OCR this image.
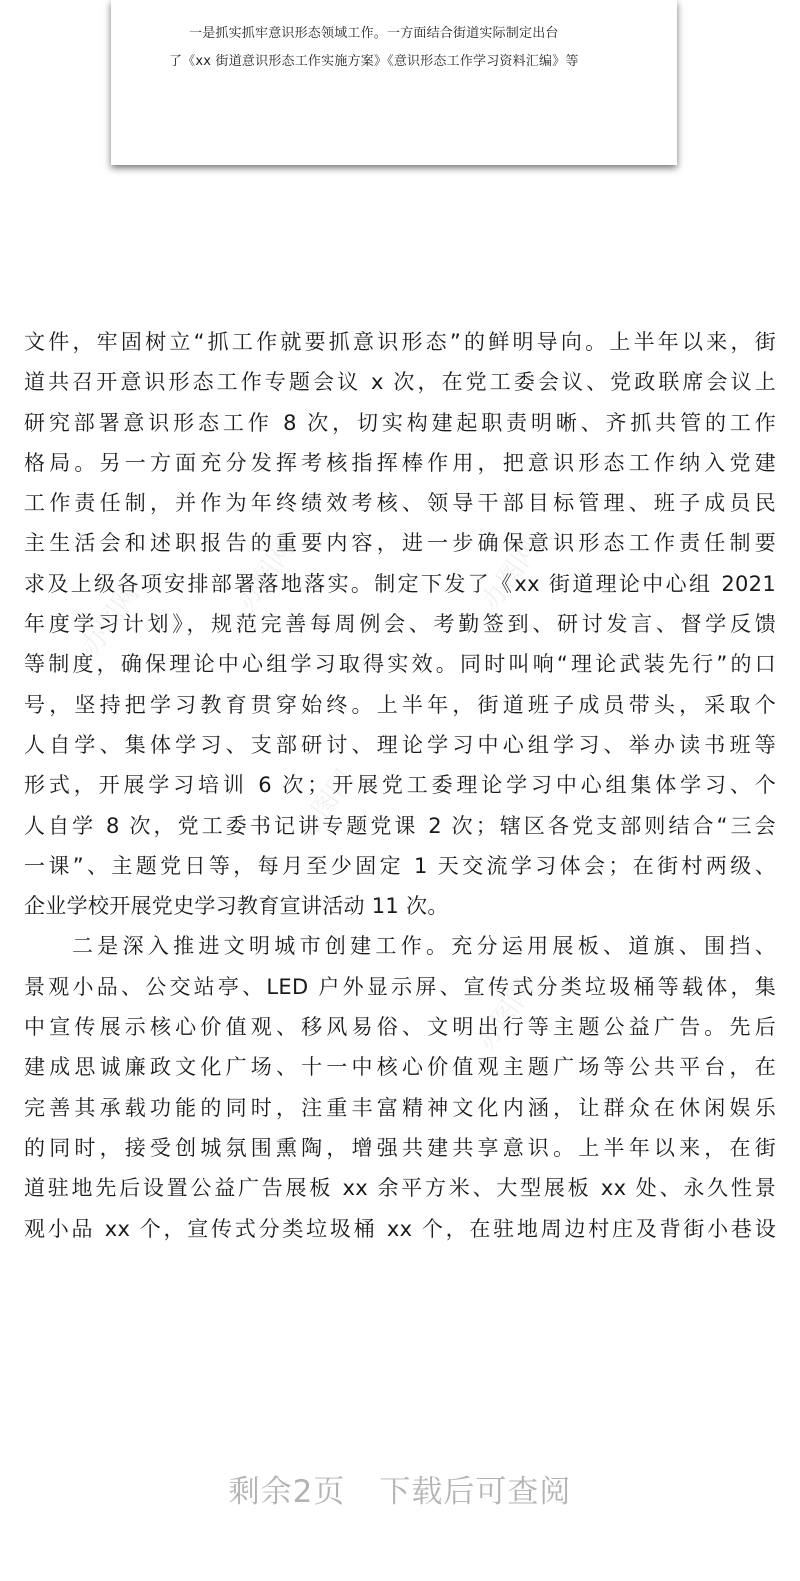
一是抓实抓牢意识形态领域工作。一方面结合街道实际制定出台

了《xx 街道意识形态工作实施方案》《意识形态工作学习资料汇编》等

办图网
办图网	办图网
办图网
办图网

文件，牢固树立“抓工作就要抓意识形态”的鲜明导向。上半年以来，街

道共召开意识形态工作专题会议 x 次，在党工委会议、党政联席会议上

研究部署意识形态工作 8 次，切实构建起职责明晰、齐抓共管的工作

格局。另一方面充分发挥考核指挥棒作用，把意识形态工作纳入党建

工作责任制，并作为年终绩效考核、领导干部目标管理、班子成员民

主生活会和述职报告的重要内容，进一步确保意识形态工作责任制要

求及上级各项安排部署落地落实。制定下发了《xx 街道理论中心组 2021

年度学习计划》，规范完善每周例会、考勤签到、研讨发言、督学反馈

等制度，确保理论中心组学习取得实效。同时叫响“理论武装先行”的口

号，坚持把学习教育贯穿始终。上半年，街道班子成员带头，采取个

人自学、集体学习、支部研讨、理论学习中心组学习、举办读书班等

形式，开展学习培训 6 次；开展党工委理论学习中心组集体学习、个

人自学 8 次，党工委书记讲专题党课 2 次；辖区各党支部则结合“三会

一课”、主题党日等，每月至少固定 1 天交流学习体会；在街村两级、

企业学校开展党史学习教育宣讲活动 11 次。

二是深入推进文明城市创建工作。充分运用展板、道旗、围挡、

景观小品、公交站亭、LED 户外显示屏、宣传式分类垃圾桶等载体，集

中宣传展示核心价值观、移风易俗、文明出行等主题公益广告。先后

建成思诚廉政文化广场、十一中核心价值观主题广场等公共平台，在

完善其承载功能的同时，注重丰富精神文化内涵，让群众在休闲娱乐

的同时，接受创城氛围熏陶，增强共建共享意识。上半年以来，在街

道驻地先后设置公益广告展板 xx 余平方米、大型展板 xx 处、永久性景

观小品 xx 个，宣传式分类垃圾桶 xx 个，在驻地周边村庄及背街小巷设

剩余2页 下载后可查阅
